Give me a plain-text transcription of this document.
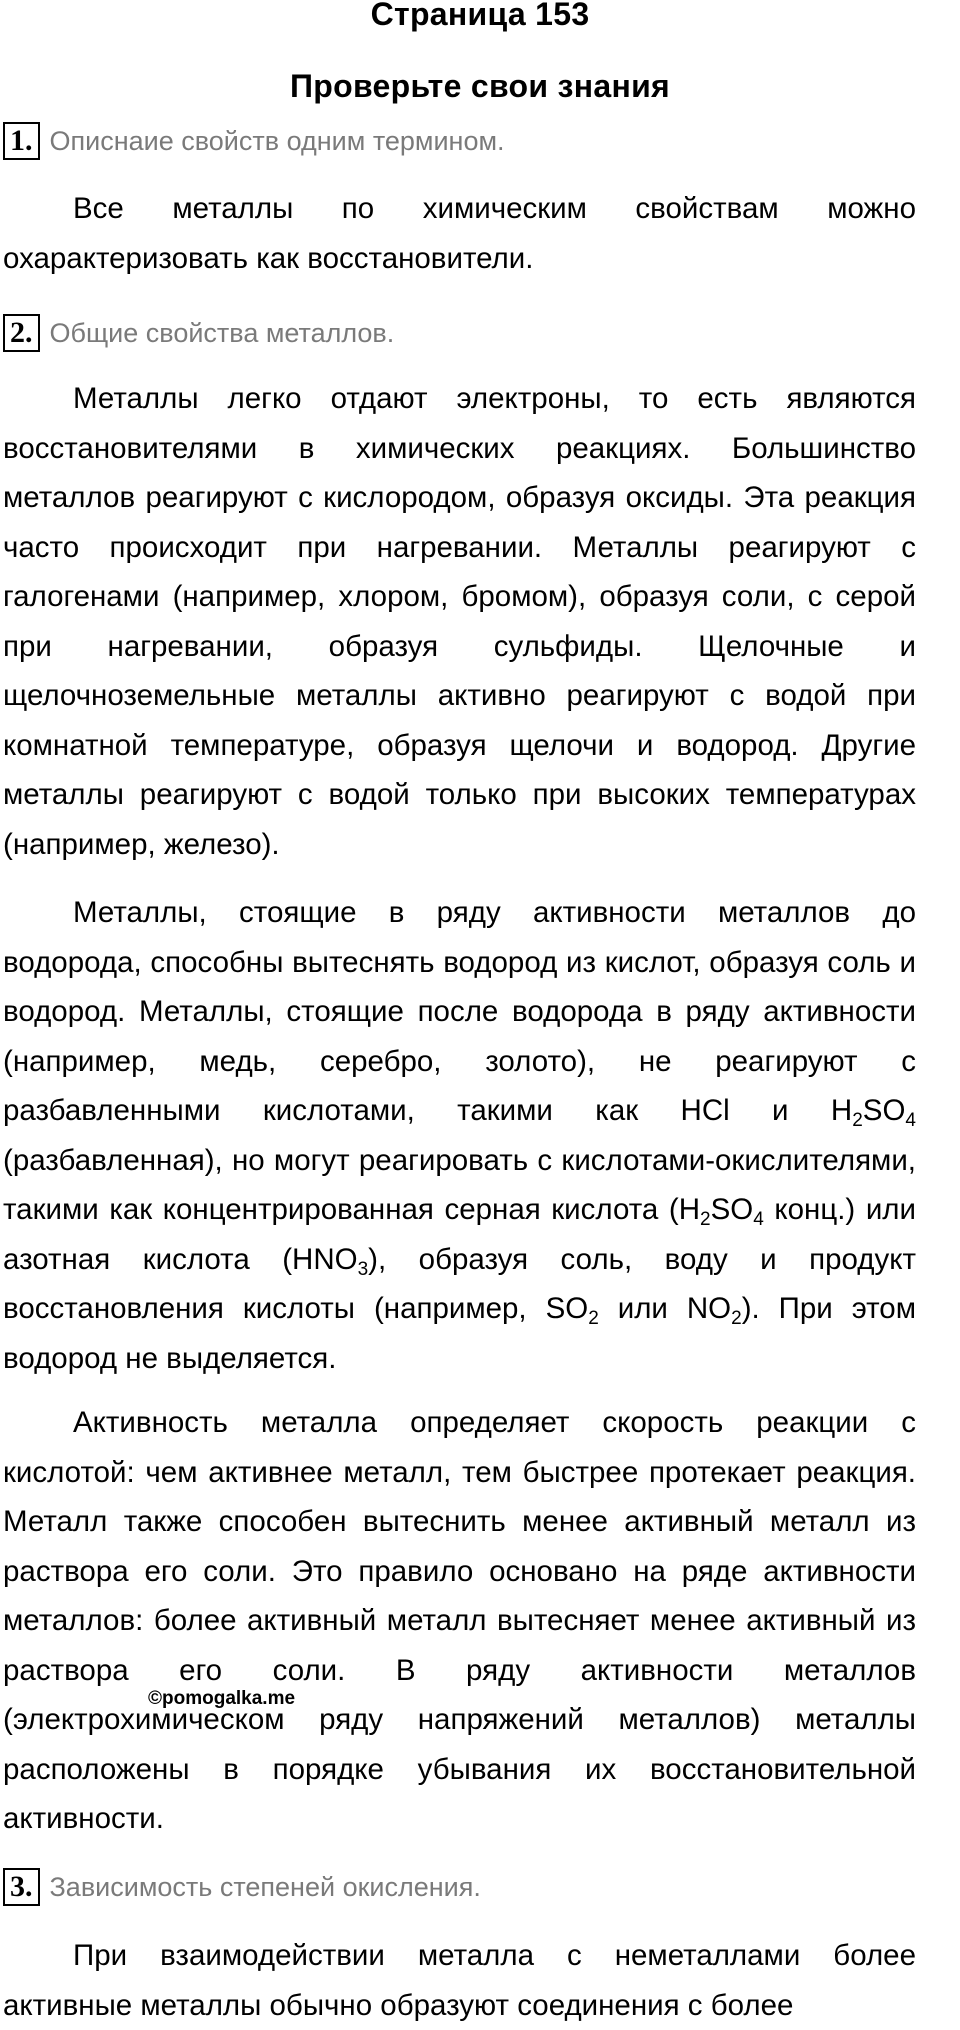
Страница 153
Проверьте свои знания
1. Описнаие свойств одним термином.
Все металлы по химическим свойствам можно охарактеризовать как восстановители.
2. Общие свойства металлов.
Металлы легко отдают электроны, то есть являются восстановителями в химических реакциях. Большинство металлов реагируют с кислородом, образуя оксиды. Эта реакция часто происходит при нагревании. Металлы реагируют с галогенами (например, хлором, бромом), образуя соли, с серой при нагревании, образуя сульфиды. Щелочные и щелочноземельные металлы активно реагируют с водой при комнатной температуре, образуя щелочи и водород. Другие металлы реагируют с водой только при высоких температурах (например, железо).
Металлы, стоящие в ряду активности металлов до водорода, способны вытеснять водород из кислот, образуя соль и водород. Металлы, стоящие после водорода в ряду активности (например, медь, серебро, золото), не реагируют с разбавленными кислотами, такими как HCl и $H_2SO_4$ (разбавленная), но могут реагировать с кислотами-окислителями, такими как концентрированная серная кислота ($H_2SO_4$ конц.) или азотная кислота $(HNO_3)$, образуя соль, воду и продукт восстановления кислоты (например, $SO_2$ или $NO_2$). При этом водород не выделяется.
Активность металла определяет скорость реакции с кислотой: чем активнее металл, тем быстрее протекает реакция. Металл также способен вытеснить менее активный металл из раствора его соли. Это правило основано на ряде активности металлов: более активный металл вытесняет менее активный из раствора его соли. В ряду активности металлов (электрохимическом ряду напряжений металлов) металлы расположены в порядке убывания их восстановительной активности.
©pomogalka.me
3. Зависимость степеней окисления.
При взаимодействии металла с неметаллами более активные металлы обычно образуют соединения с более
